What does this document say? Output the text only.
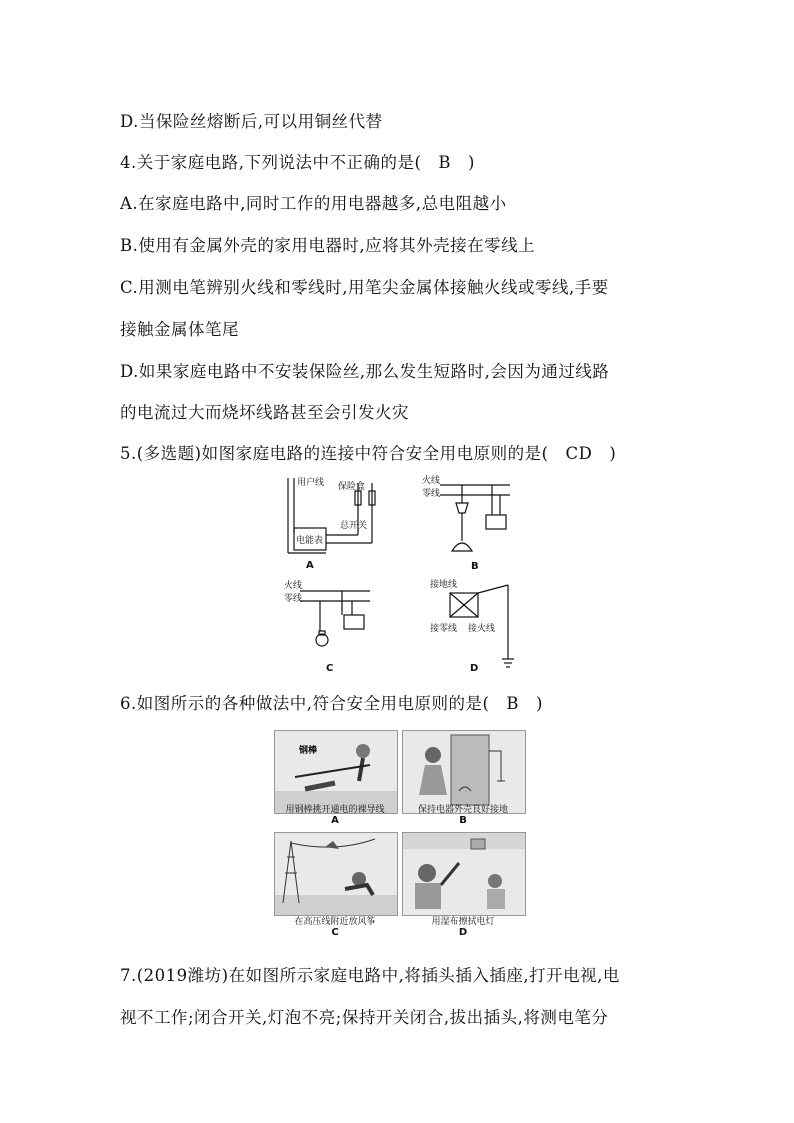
D.当保险丝熔断后,可以用铜丝代替
4.关于家庭电路,下列说法中不正确的是(　B　)
A.在家庭电路中,同时工作的用电器越多,总电阻越小
B.使用有金属外壳的家用电器时,应将其外壳接在零线上
C.用测电笔辨别火线和零线时,用笔尖金属体接触火线或零线,手要
接触金属体笔尾
D.如果家庭电路中不安装保险丝,那么发生短路时,会因为通过线路
的电流过大而烧坏线路甚至会引发火灾
5.(多选题)如图家庭电路的连接中符合安全用电原则的是(　CD　)
用户线 保险盒
电能表
总开关
A
火线
零线
B
火线
零线
C
接地线
接零线 接火线
D
6.如图所示的各种做法中,符合安全用电原则的是(　B　)
钢棒
用钢棒挑开通电的裸导线
A
保持电器外壳良好接地
B
在高压线附近放风筝
C
用湿布擦拭电灯
D
7.(2019潍坊)在如图所示家庭电路中,将插头插入插座,打开电视,电
视不工作;闭合开关,灯泡不亮;保持开关闭合,拔出插头,将测电笔分
